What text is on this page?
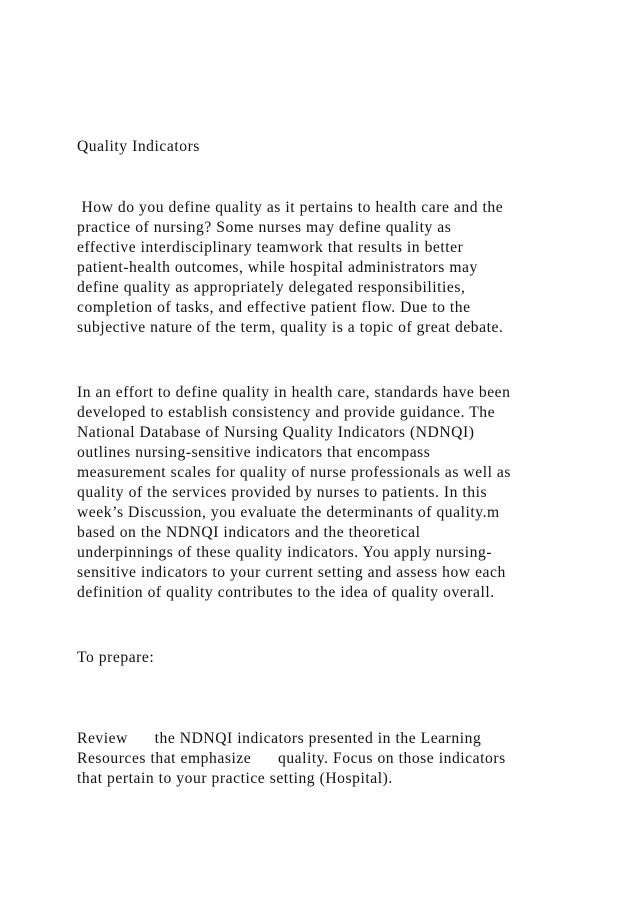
Quality Indicators

How do you define quality as it pertains to health care and the
practice of nursing? Some nurses may define quality as
effective interdisciplinary teamwork that results in better
patient-health outcomes, while hospital administrators may
define quality as appropriately delegated responsibilities,
completion of tasks, and effective patient flow. Due to the
subjective nature of the term, quality is a topic of great debate.

In an effort to define quality in health care, standards have been
developed to establish consistency and provide guidance. The
National Database of Nursing Quality Indicators (NDNQI)
outlines nursing-sensitive indicators that encompass
measurement scales for quality of nurse professionals as well as
quality of the services provided by nurses to patients. In this
week’s Discussion, you evaluate the determinants of quality.m
based on the NDNQI indicators and the theoretical
underpinnings of these quality indicators. You apply nursing-
sensitive indicators to your current setting and assess how each
definition of quality contributes to the idea of quality overall.

To prepare:

Review      the NDNQI indicators presented in the Learning
Resources that emphasize      quality. Focus on those indicators
that pertain to your practice setting (Hospital).
